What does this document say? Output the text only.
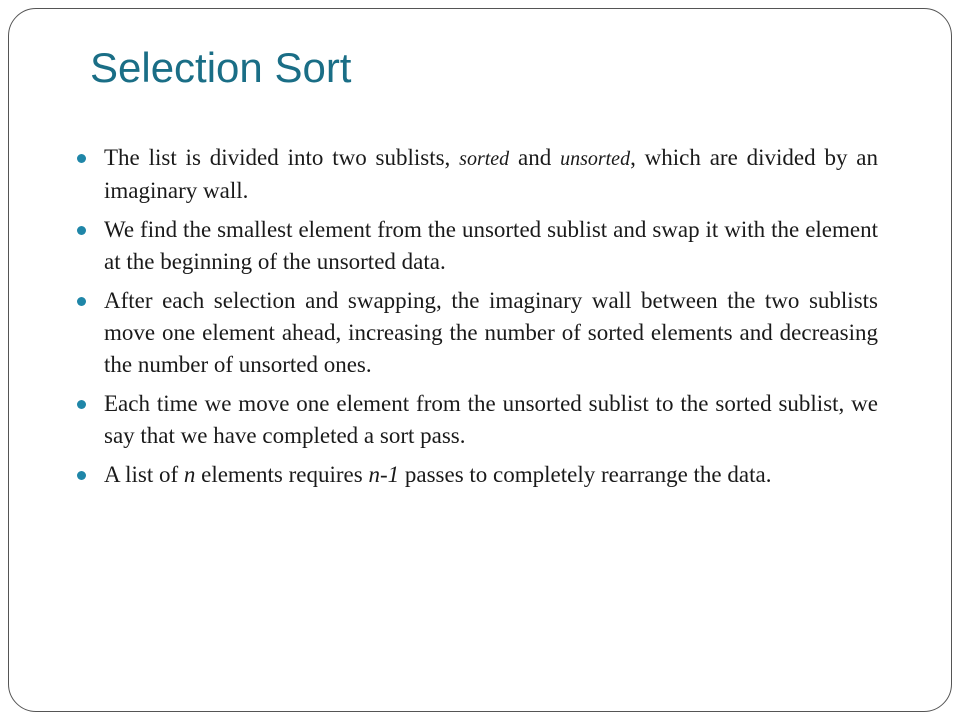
Selection Sort
The list is divided into two sublists, sorted and unsorted, which are divided by an imaginary wall.
We find the smallest element from the unsorted sublist and swap it with the element at the beginning of the unsorted data.
After each selection and swapping, the imaginary wall between the two sublists move one element ahead, increasing the number of sorted elements and decreasing the number of unsorted ones.
Each time we move one element from the unsorted sublist to the sorted sublist, we say that we have completed a sort pass.
A list of n elements requires n-1 passes to completely rearrange the data.
